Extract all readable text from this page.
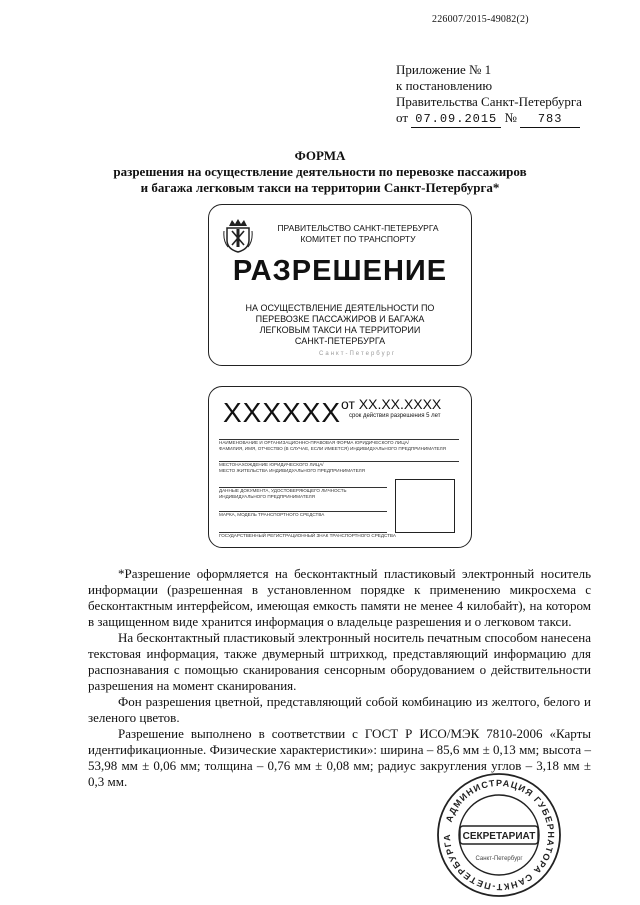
226007/2015-49082(2)
Приложение № 1
к постановлению
Правительства Санкт-Петербурга
от 07.09.2015 № 783
ФОРМА
разрешения на осуществление деятельности по перевозке пассажиров
и багажа легковым такси на территории Санкт-Петербурга*
ПРАВИТЕЛЬСТВО САНКТ-ПЕТЕРБУРГА
КОМИТЕТ ПО ТРАНСПОРТУ
РАЗРЕШЕНИЕ
НА ОСУЩЕСТВЛЕНИЕ ДЕЯТЕЛЬНОСТИ ПО
ПЕРЕВОЗКЕ ПАССАЖИРОВ И БАГАЖА
ЛЕГКОВЫМ ТАКСИ НА ТЕРРИТОРИИ
САНКТ-ПЕТЕРБУРГА
Санкт-Петербург
XXXXXX от XX.XX.XXXX
срок действия разрешения 5 лет
НАИМЕНОВАНИЕ И ОРГАНИЗАЦИОННО-ПРАВОВАЯ ФОРМА ЮРИДИЧЕСКОГО ЛИЦА/
ФАМИЛИЯ, ИМЯ, ОТЧЕСТВО (В СЛУЧАЕ, ЕСЛИ ИМЕЕТСЯ) ИНДИВИДУАЛЬНОГО ПРЕДПРИНИМАТЕЛЯ
МЕСТОНАХОЖДЕНИЕ ЮРИДИЧЕСКОГО ЛИЦА/
МЕСТО ЖИТЕЛЬСТВА ИНДИВИДУАЛЬНОГО ПРЕДПРИНИМАТЕЛЯ
ДАННЫЕ ДОКУМЕНТА, УДОСТОВЕРЯЮЩЕГО ЛИЧНОСТЬ
ИНДИВИДУАЛЬНОГО ПРЕДПРИНИМАТЕЛЯ
МАРКА, МОДЕЛЬ ТРАНСПОРТНОГО СРЕДСТВА
ГОСУДАРСТВЕННЫЙ РЕГИСТРАЦИОННЫЙ ЗНАК ТРАНСПОРТНОГО СРЕДСТВА

*Разрешение оформляется на бесконтактный пластиковый электронный носитель информации (разрешенная в установленном порядке к применению микросхема с бесконтактным интерфейсом, имеющая емкость памяти не менее 4 килобайт), на котором в защищенном виде хранится информация о владельце разрешения и о легковом такси.

На бесконтактный пластиковый электронный носитель печатным способом нанесена текстовая информация, также двумерный штрихкод, представляющий информацию для распознавания с помощью сканирования сенсорным оборудованием о действительности разрешения на момент сканирования.

Фон разрешения цветной, представляющий собой комбинацию из желтого, белого и зеленого цветов.

Разрешение выполнено в соответствии с ГОСТ Р ИСО/МЭК 7810-2006 «Карты идентификационные. Физические характеристики»: ширина – 85,6 мм ± 0,13 мм; высота – 53,98 мм ± 0,06 мм; толщина – 0,76 мм ± 0,08 мм; радиус закругления углов – 3,18 мм ± 0,3 мм.

АДМИНИСТРАЦИЯ ГУБЕРНАТОРА САНКТ-ПЕТЕРБУРГА	СЕКРЕТАРИАТ
Санкт-Петербург
